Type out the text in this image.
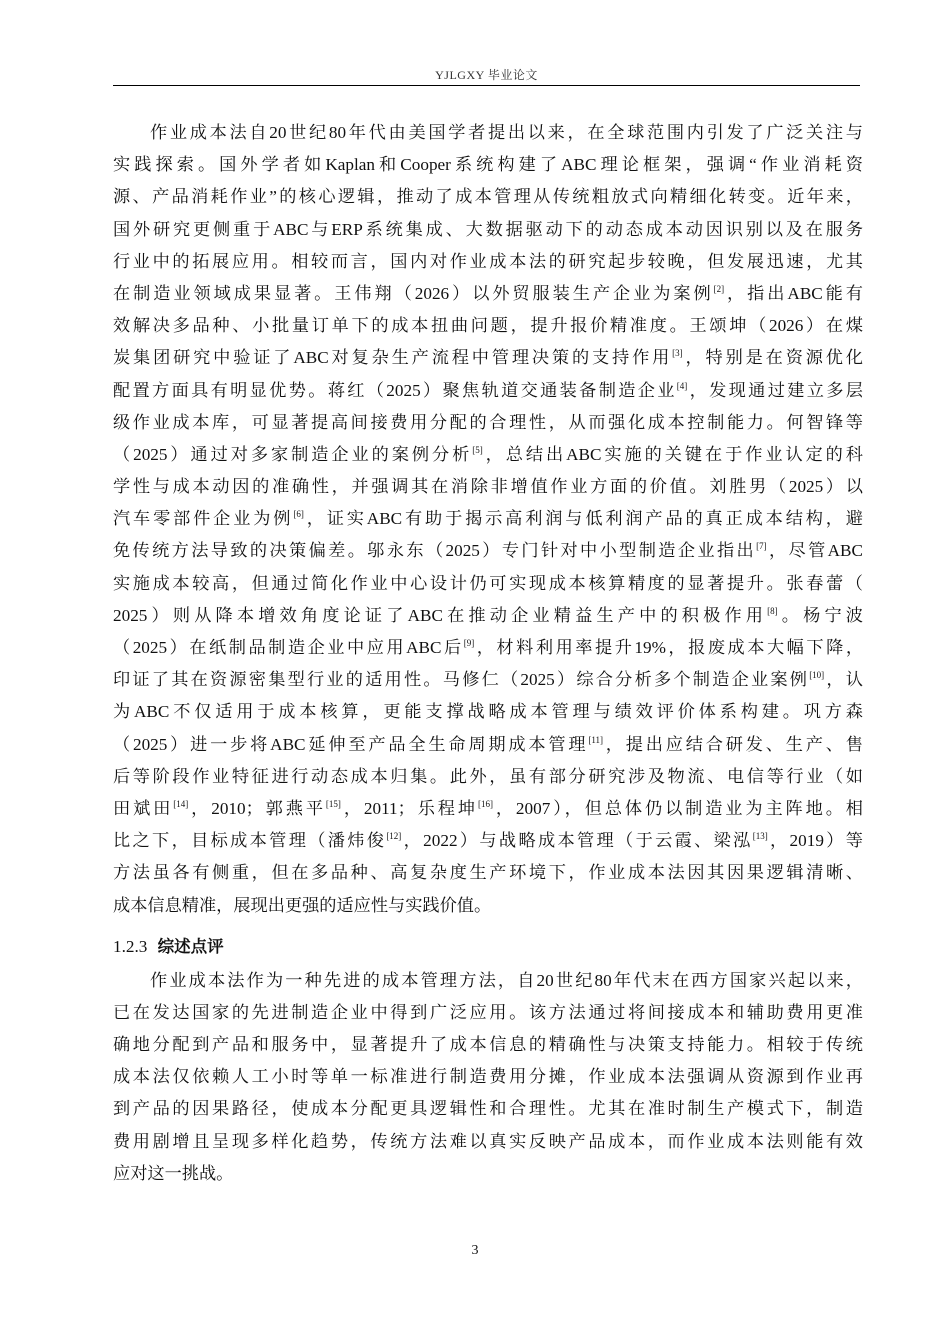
YJLGXY 毕业论文
作业成本法自20世纪80年代由美国学者提出以来，在全球范围内引发了广泛关注与
实践探索。国外学者如Kaplan和Cooper系统构建了ABC理论框架，强调“作业消耗资
源、产品消耗作业”的核心逻辑，推动了成本管理从传统粗放式向精细化转变。近年来，
国外研究更侧重于ABC与ERP系统集成、大数据驱动下的动态成本动因识别以及在服务
行业中的拓展应用。相较而言，国内对作业成本法的研究起步较晚，但发展迅速，尤其
在制造业领域成果显著。王伟翔（2026）以外贸服装生产企业为案例[2]，指出ABC能有
效解决多品种、小批量订单下的成本扭曲问题，提升报价精准度。王颂坤（2026）在煤
炭集团研究中验证了ABC对复杂生产流程中管理决策的支持作用[3]，特别是在资源优化
配置方面具有明显优势。蒋红（2025）聚焦轨道交通装备制造企业[4]，发现通过建立多层
级作业成本库，可显著提高间接费用分配的合理性，从而强化成本控制能力。何智锋等
（2025）通过对多家制造企业的案例分析[5]，总结出ABC实施的关键在于作业认定的科
学性与成本动因的准确性，并强调其在消除非增值作业方面的价值。刘胜男（2025）以
汽车零部件企业为例[6]，证实ABC有助于揭示高利润与低利润产品的真正成本结构，避
免传统方法导致的决策偏差。邬永东（2025）专门针对中小型制造企业指出[7]，尽管ABC
实施成本较高，但通过简化作业中心设计仍可实现成本核算精度的显著提升。张春蕾（
2025）则从降本增效角度论证了ABC在推动企业精益生产中的积极作用[8]。杨宁波
（2025）在纸制品制造企业中应用ABC后[9]，材料利用率提升19%，报废成本大幅下降，
印证了其在资源密集型行业的适用性。马修仁（2025）综合分析多个制造企业案例[10]，认
为ABC不仅适用于成本核算，更能支撑战略成本管理与绩效评价体系构建。巩方森
（2025）进一步将ABC延伸至产品全生命周期成本管理[11]，提出应结合研发、生产、售
后等阶段作业特征进行动态成本归集。此外，虽有部分研究涉及物流、电信等行业（如
田斌田[14]，2010；郭燕平[15]，2011；乐程坤[16]，2007），但总体仍以制造业为主阵地。相
比之下，目标成本管理（潘炜俊[12]，2022）与战略成本管理（于云霞、梁泓[13]，2019）等
方法虽各有侧重，但在多品种、高复杂度生产环境下，作业成本法因其因果逻辑清晰、
成本信息精准，展现出更强的适应性与实践价值。
1.2.3 综述点评
作业成本法作为一种先进的成本管理方法，自20世纪80年代末在西方国家兴起以来，
已在发达国家的先进制造企业中得到广泛应用。该方法通过将间接成本和辅助费用更准
确地分配到产品和服务中，显著提升了成本信息的精确性与决策支持能力。相较于传统
成本法仅依赖人工小时等单一标准进行制造费用分摊，作业成本法强调从资源到作业再
到产品的因果路径，使成本分配更具逻辑性和合理性。尤其在准时制生产模式下，制造
费用剧增且呈现多样化趋势，传统方法难以真实反映产品成本，而作业成本法则能有效
应对这一挑战。
3
